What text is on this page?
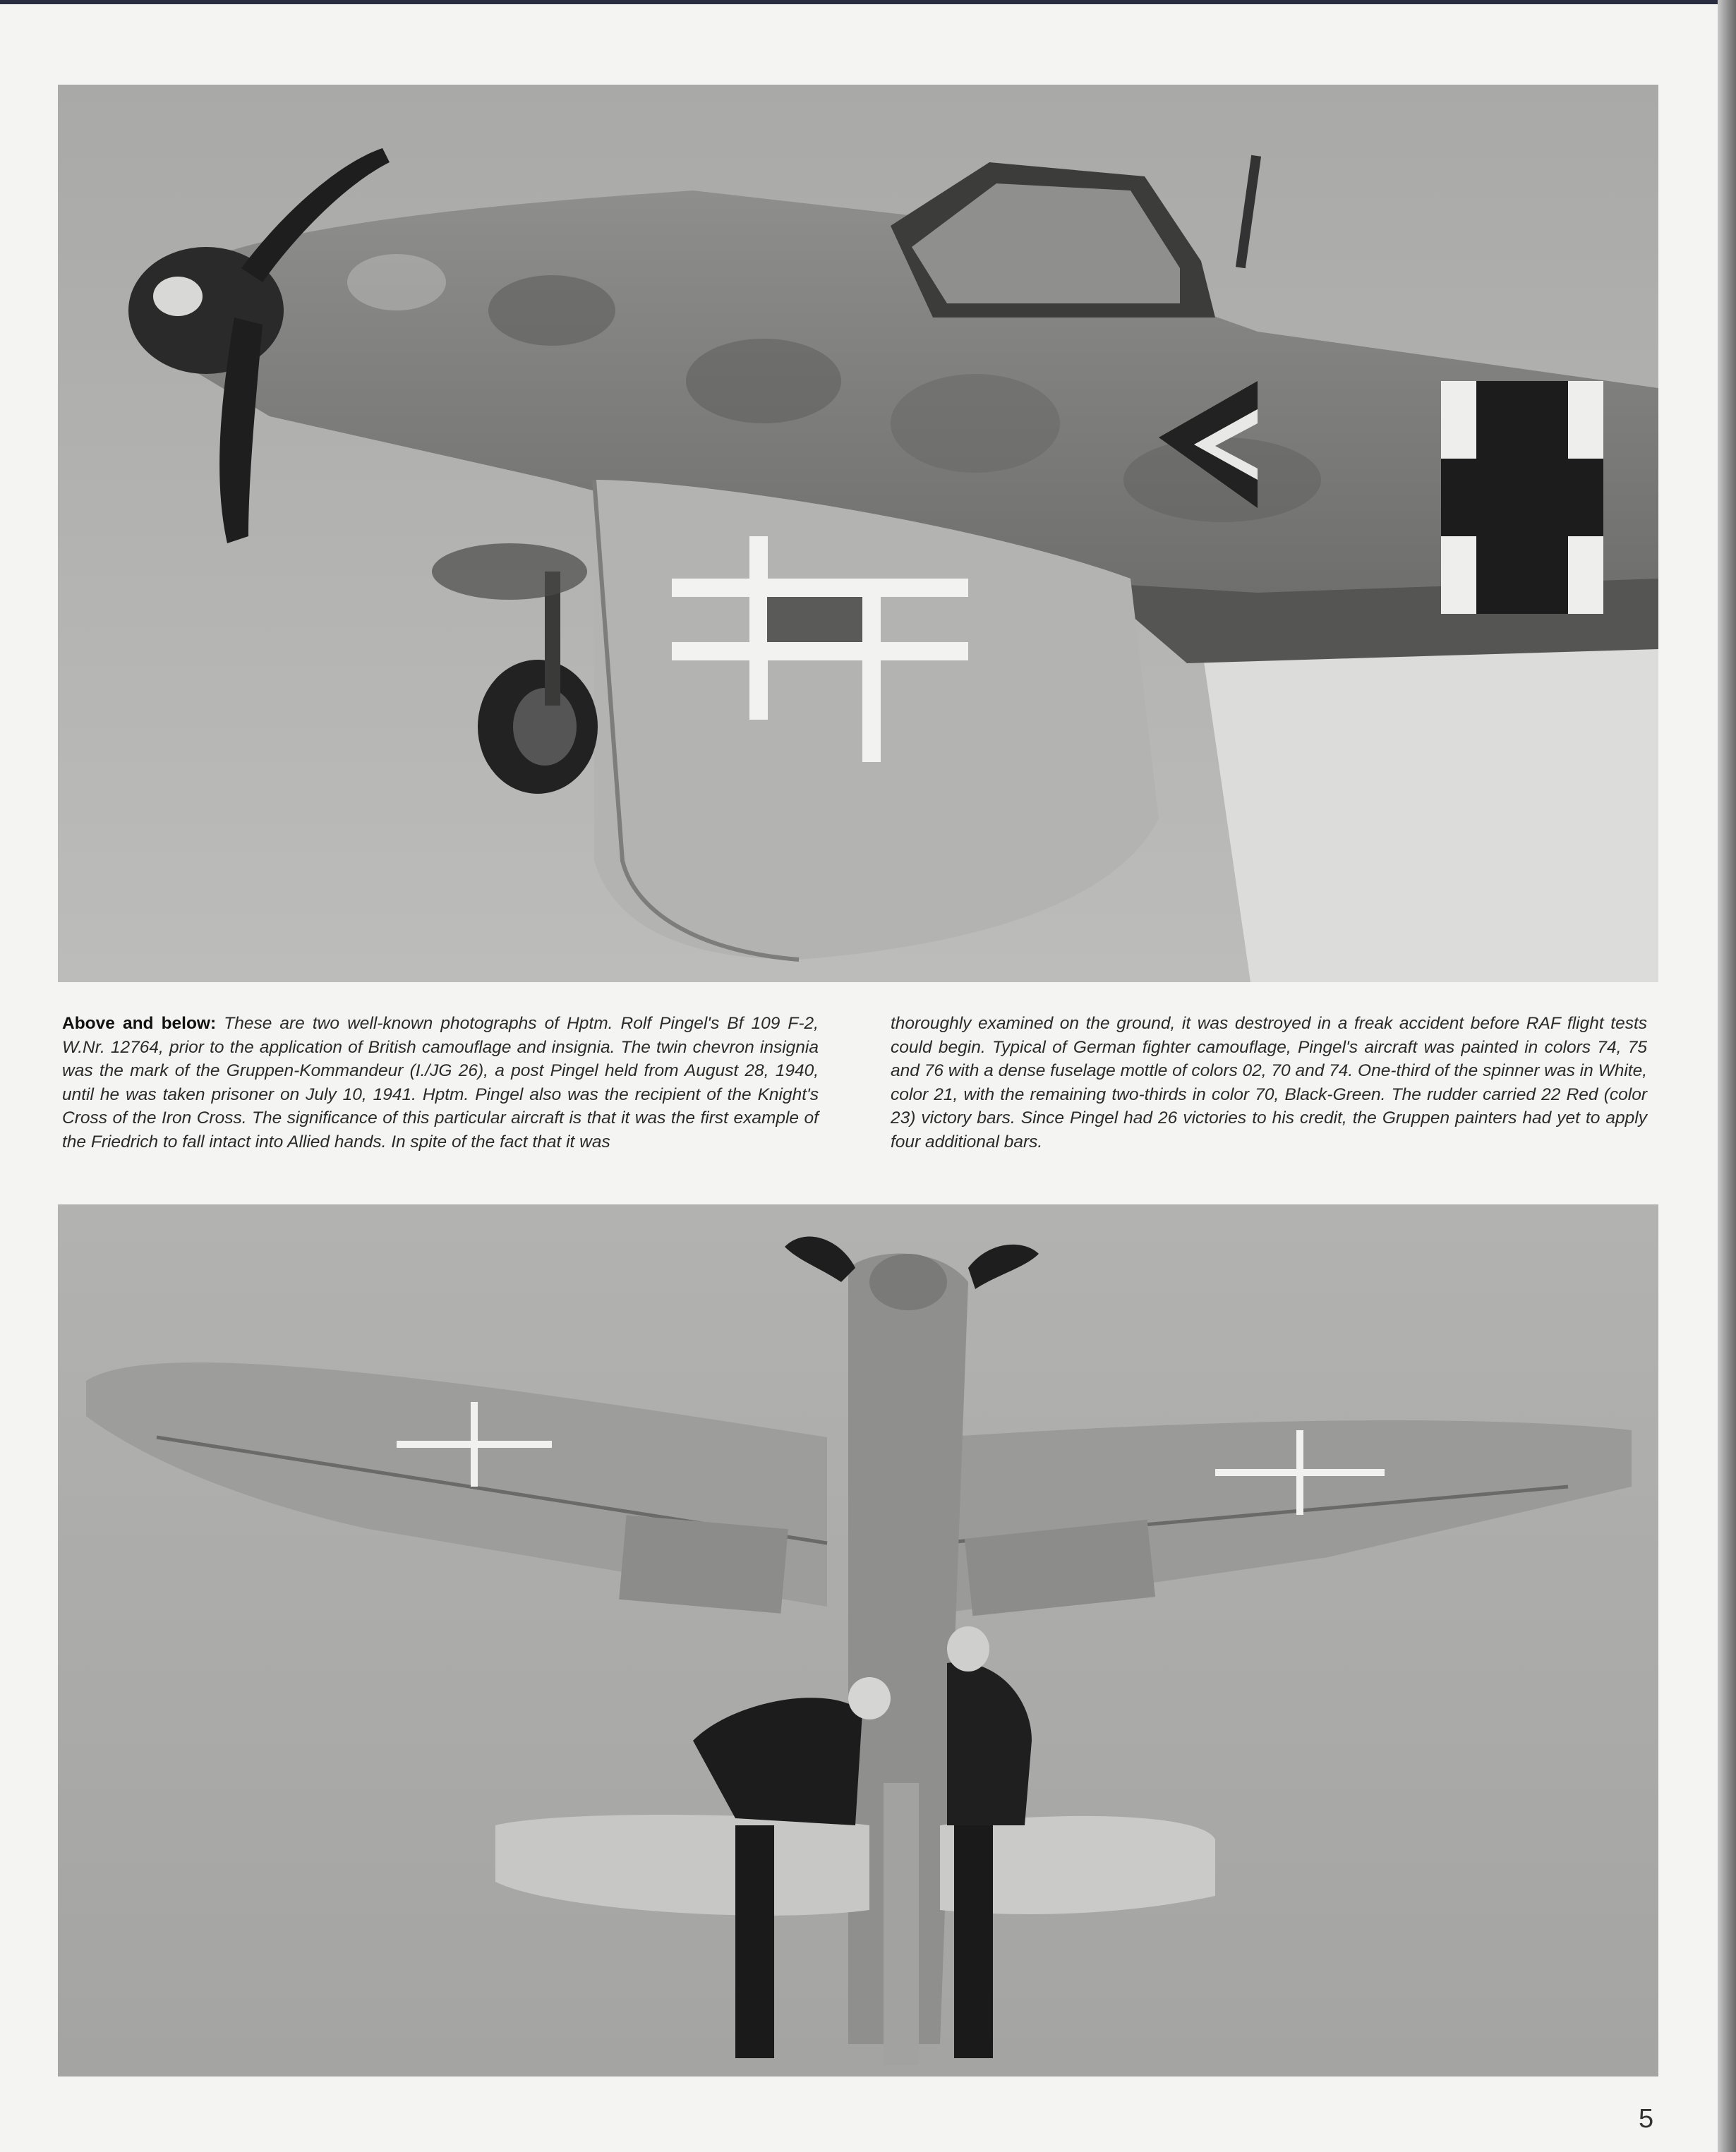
Above and below: These are two well-known photographs of Hptm. Rolf Pingel's Bf 109 F-2, W.Nr. 12764, prior to the application of British camouflage and insignia. The twin chevron insignia was the mark of the Gruppen-Kommandeur (I./JG 26), a post Pingel held from August 28, 1940, until he was taken prisoner on July 10, 1941. Hptm. Pingel also was the recipient of the Knight's Cross of the Iron Cross. The significance of this particular aircraft is that it was the first example of the Friedrich to fall intact into Allied hands. In spite of the fact that it was
thoroughly examined on the ground, it was destroyed in a freak accident before RAF flight tests could begin. Typical of German fighter camouflage, Pingel's aircraft was painted in colors 74, 75 and 76 with a dense fuselage mottle of colors 02, 70 and 74. One-third of the spinner was in White, color 21, with the remaining two-thirds in color 70, Black-Green. The rudder carried 22 Red (color 23) victory bars. Since Pingel had 26 victories to his credit, the Gruppen painters had yet to apply four additional bars.
5
